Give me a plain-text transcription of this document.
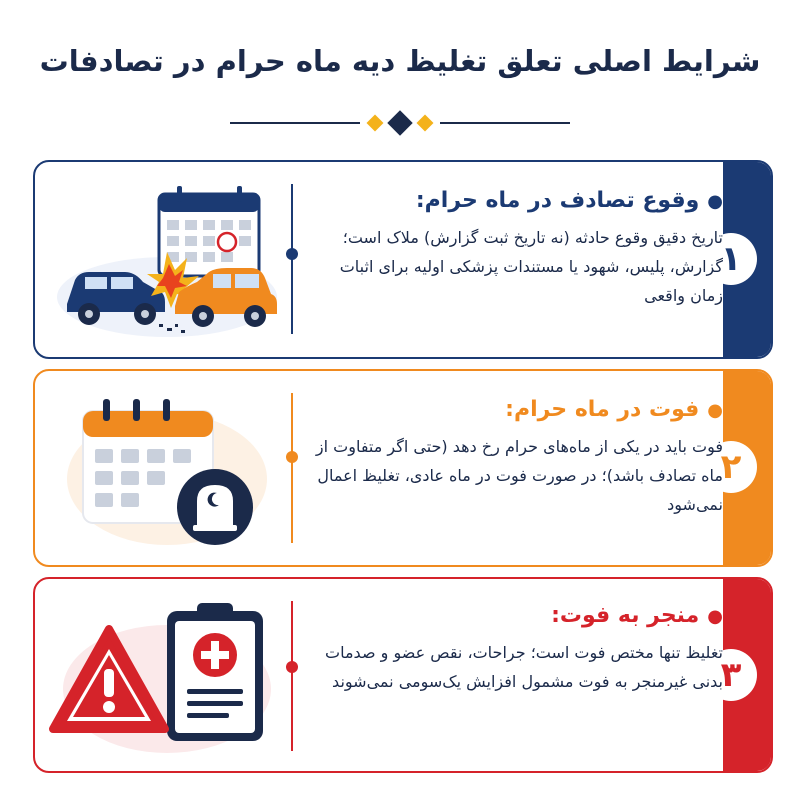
شرایط اصلی تعلق تغلیظ دیه ماه حرام در تصادفات
۱

●وقوع تصادف در ماه حرام:

تاریخ دقیق وقوع حادثه (نه تاریخ ثبت گزارش) ملاک است؛ گزارش، پلیس، شهود یا مستندات پزشکی اولیه برای اثبات زمان واقعی

۲

●فوت در ماه حرام:

فوت باید در یکی از ماه‌های حرام رخ دهد (حتی اگر متفاوت از ماه تصادف باشد)؛ در صورت فوت در ماه عادی، تغلیظ اعمال نمی‌شود

۳

●منجر به فوت:

تغلیظ تنها مختص فوت است؛ جراحات، نقص عضو و صدمات بدنی غیرمنجر به فوت مشمول افزایش یک‌سومی نمی‌شوند
